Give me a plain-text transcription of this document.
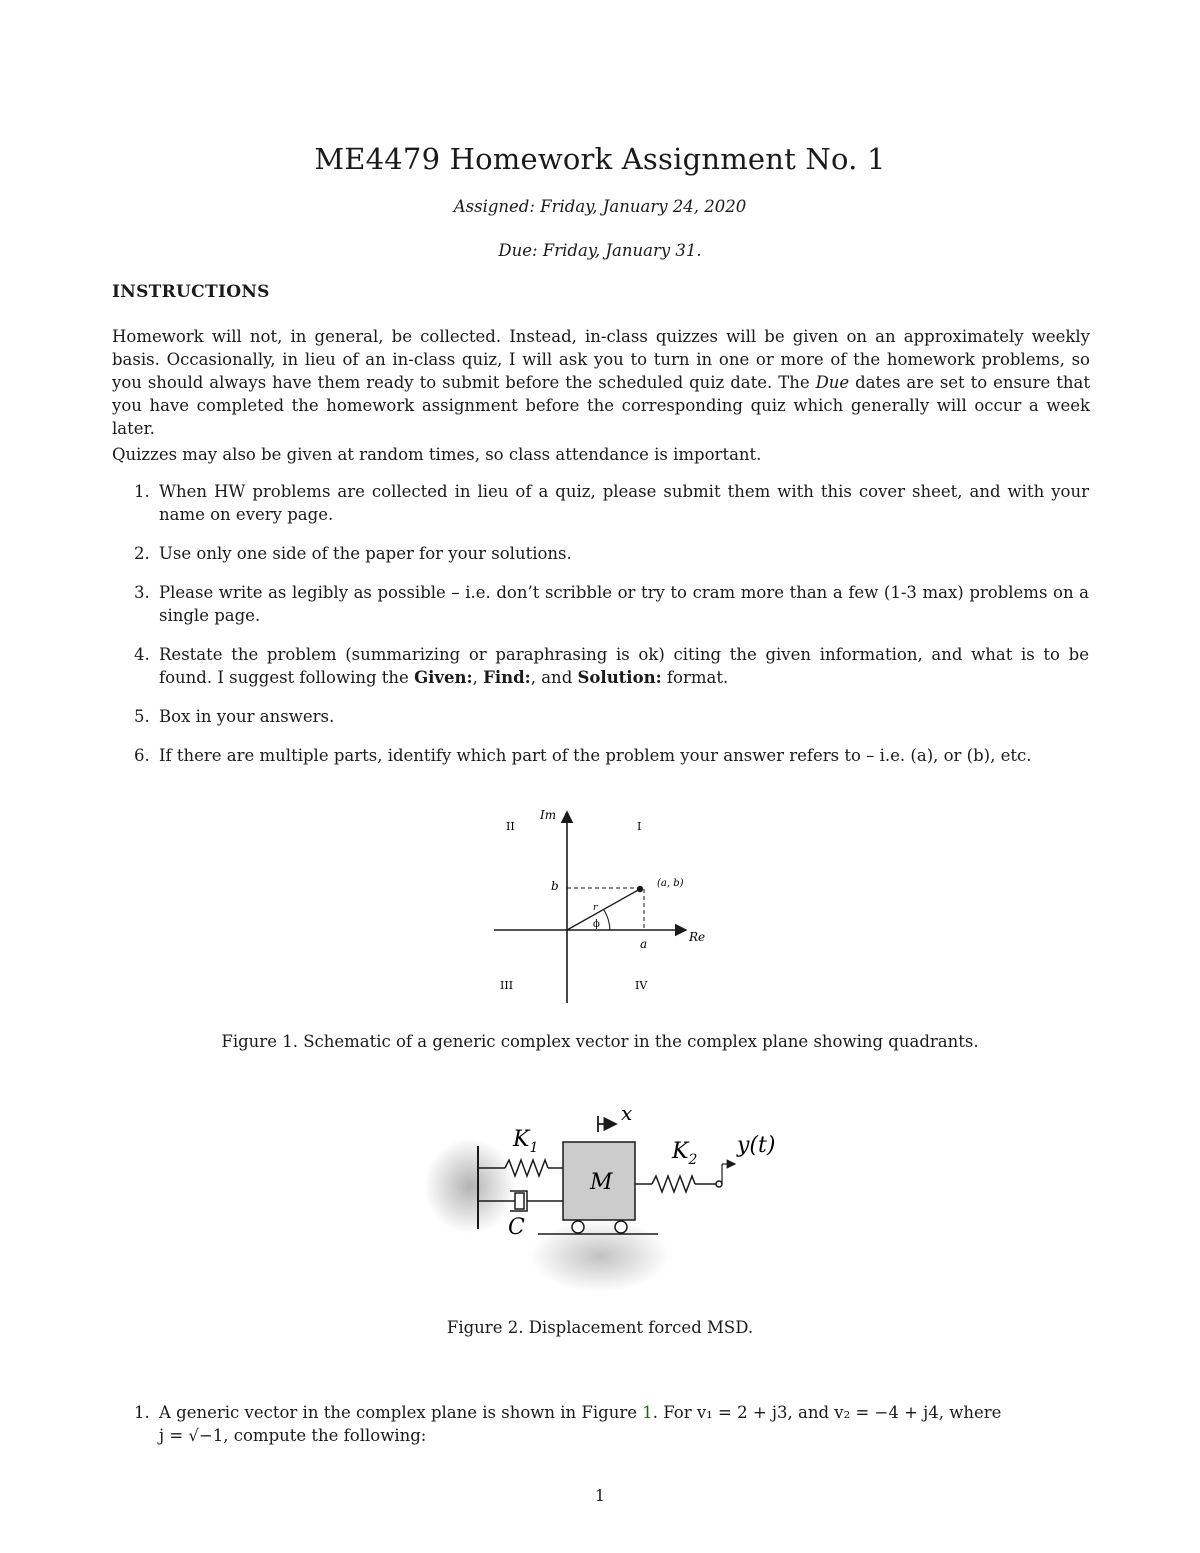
ME4479 Homework Assignment No. 1
Assigned: Friday, January 24, 2020
Due: Friday, January 31.
INSTRUCTIONS

Homework will not, in general, be collected. Instead, in-class quizzes will be given on an approximately weekly basis. Occasionally, in lieu of an in-class quiz, I will ask you to turn in one or more of the homework problems, so you should always have them ready to submit before the scheduled quiz date. The Due dates are set to ensure that you have completed the homework assignment before the corresponding quiz which generally will occur a week later.

Quizzes may also be given at random times, so class attendance is important.
1. When HW problems are collected in lieu of a quiz, please submit them with this cover sheet, and with your name on every page.
2. Use only one side of the paper for your solutions.
3. Please write as legibly as possible – i.e. don’t scribble or try to cram more than a few (1-3 max) problems on a single page.
4. Restate the problem (summarizing or paraphrasing is ok) citing the given information, and what is to be found. I suggest following the Given:, Find:, and Solution: format.
5. Box in your answers.
6. If there are multiple parts, identify which part of the problem your answer refers to – i.e. (a), or (b), etc.
II	I
III	IV
Im
Re
(a, b)
a
b
ϕ
r
Figure 1. Schematic of a generic complex vector in the complex plane showing quadrants.
x
$K_1$	$K_2$
M
C
y(t)
Figure 2. Displacement forced MSD.
1. A generic vector in the complex plane is shown in Figure 1. For v₁ = 2 + j3, and v₂ = −4 + j4, where
j = √−1, compute the following:
1
